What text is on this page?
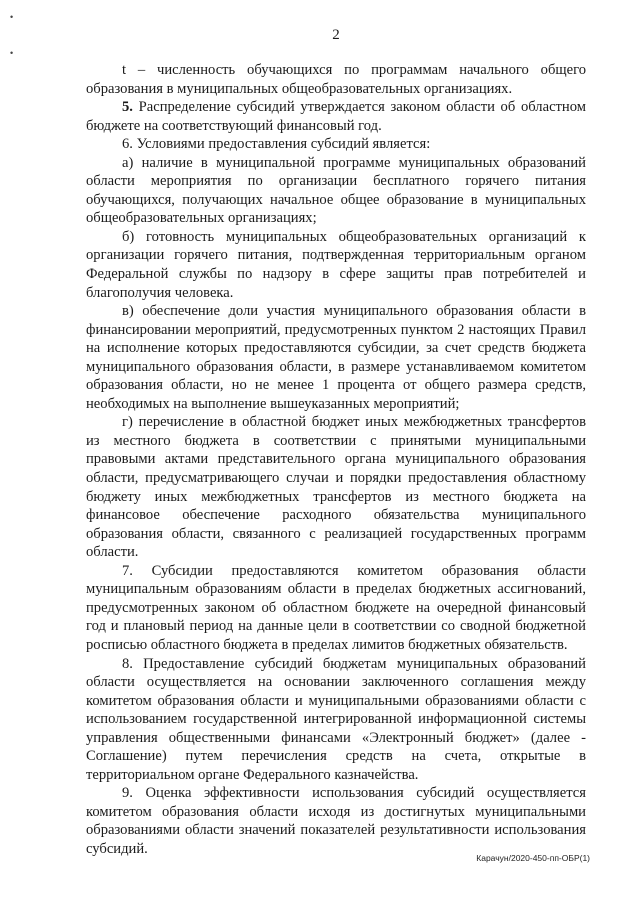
•
•
2

t – численность обучающихся по программам начального общего образования в муниципальных общеобразовательных организациях.

5. Распределение субсидий утверждается законом области об областном бюджете на соответствующий финансовый год.

6. Условиями предоставления субсидий является:

а) наличие в муниципальной программе муниципальных образований области мероприятия по организации бесплатного горячего питания обучающихся, получающих начальное общее образование в муниципальных общеобразовательных организациях;

б) готовность муниципальных общеобразовательных организаций к организации горячего питания, подтвержденная территориальным органом Федеральной службы по надзору в сфере защиты прав потребителей и благополучия человека.

в) обеспечение доли участия муниципального образования области в финансировании мероприятий, предусмотренных пунктом 2 настоящих Правил на исполнение которых предоставляются субсидии, за счет средств бюджета муниципального образования области, в размере устанавливаемом комитетом образования области, но не менее 1 процента от общего размера средств, необходимых на выполнение вышеуказанных мероприятий;

г) перечисление в областной бюджет иных межбюджетных трансфертов из местного бюджета в соответствии с принятыми муниципальными правовыми актами представительного органа муниципального образования области, предусматривающего случаи и порядки предоставления областному бюджету иных межбюджетных трансфертов из местного бюджета на финансовое обеспечение расходного обязательства муниципального образования области, связанного с реализацией государственных программ области.

7. Субсидии предоставляются комитетом образования области муниципальным образованиям области в пределах бюджетных ассигнований, предусмотренных законом об областном бюджете на очередной финансовый год и плановый период на данные цели в соответствии со сводной бюджетной росписью областного бюджета в пределах лимитов бюджетных обязательств.

8. Предоставление субсидий бюджетам муниципальных образований области осуществляется на основании заключенного соглашения между комитетом образования области и муниципальными образованиями области с использованием государственной интегрированной информационной системы управления общественными финансами «Электронный бюджет» (далее - Соглашение) путем перечисления средств на счета, открытые в территориальном органе Федерального казначейства.

9. Оценка эффективности использования субсидий осуществляется комитетом образования области исходя из достигнутых муниципальными образованиями области значений показателей результативности использования субсидий.

Карачун/2020-450-пп-ОБР(1)
